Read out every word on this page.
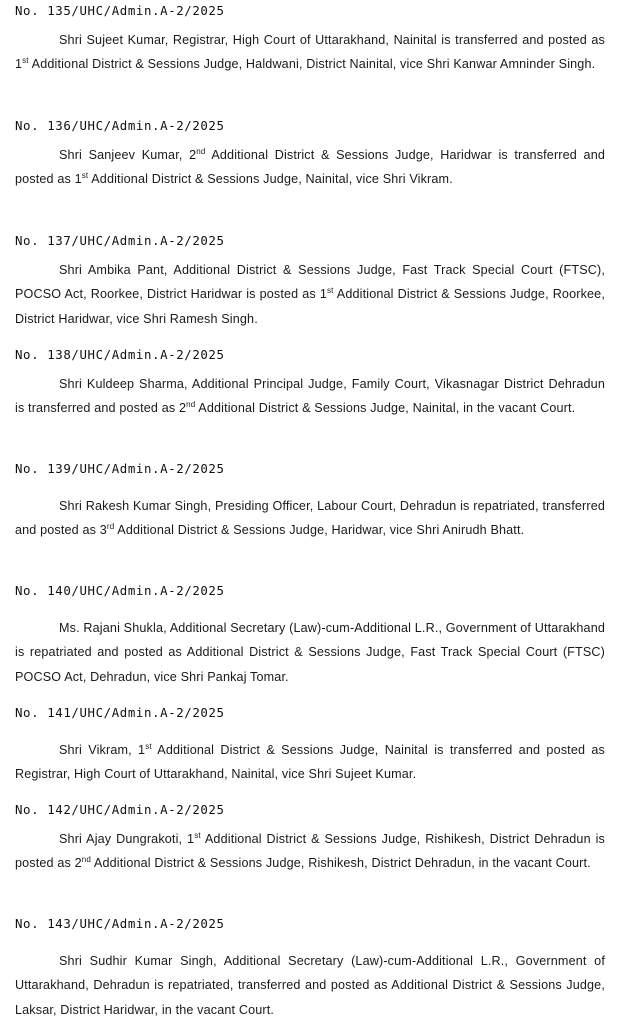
No. 135/UHC/Admin.A-2/2025

Shri Sujeet Kumar, Registrar, High Court of Uttarakhand, Nainital is transferred and posted as 1st Additional District & Sessions Judge, Haldwani, District Nainital, vice Shri Kanwar Amninder Singh.

No. 136/UHC/Admin.A-2/2025

Shri Sanjeev Kumar, 2nd Additional District & Sessions Judge, Haridwar is transferred and posted as 1st Additional District & Sessions Judge, Nainital, vice Shri Vikram.

No. 137/UHC/Admin.A-2/2025

Shri Ambika Pant, Additional District & Sessions Judge, Fast Track Special Court (FTSC), POCSO Act, Roorkee, District Haridwar is posted as 1st Additional District & Sessions Judge, Roorkee, District Haridwar, vice Shri Ramesh Singh.

No. 138/UHC/Admin.A-2/2025

Shri Kuldeep Sharma, Additional Principal Judge, Family Court, Vikasnagar District Dehradun is transferred and posted as 2nd Additional District & Sessions Judge, Nainital, in the vacant Court.

No. 139/UHC/Admin.A-2/2025

Shri Rakesh Kumar Singh, Presiding Officer, Labour Court, Dehradun is repatriated, transferred and posted as 3rd Additional District & Sessions Judge, Haridwar, vice Shri Anirudh Bhatt.

No. 140/UHC/Admin.A-2/2025

Ms. Rajani Shukla, Additional Secretary (Law)-cum-Additional L.R., Government of Uttarakhand is repatriated and posted as Additional District & Sessions Judge, Fast Track Special Court (FTSC) POCSO Act, Dehradun, vice Shri Pankaj Tomar.

No. 141/UHC/Admin.A-2/2025

Shri Vikram, 1st Additional District & Sessions Judge, Nainital is transferred and posted as Registrar, High Court of Uttarakhand, Nainital, vice Shri Sujeet Kumar.

No. 142/UHC/Admin.A-2/2025

Shri Ajay Dungrakoti, 1st Additional District & Sessions Judge, Rishikesh, District Dehradun is posted as 2nd Additional District & Sessions Judge, Rishikesh, District Dehradun, in the vacant Court.

No. 143/UHC/Admin.A-2/2025

Shri Sudhir Kumar Singh, Additional Secretary (Law)-cum-Additional L.R., Government of Uttarakhand, Dehradun is repatriated, transferred and posted as Additional District & Sessions Judge, Laksar, District Haridwar, in the vacant Court.
